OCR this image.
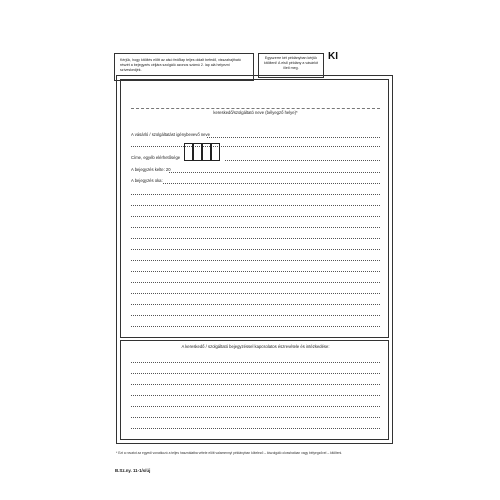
Kérjük, hogy kitöltés előtt az alsó fedőlap teljes oldalt befedő, visszahajtható részét a bejegyzés céljára szolgáló azonos számú 2. lap alá helyezni szíveskedjék.
Egyszerre két példányban kérjük kitölteni! A első példány a vásárlót illeti meg.
KI
kereskedő/szolgáltató neve (bélyegző helye)*
A vásárló / szolgáltatást igénybevevő neve
Címe, egyéb elérhetősége
A bejegyzés kelte: 20
A bejegyzés oka:
A kereskedő / szolgáltató bejegyzéssel kapcsolatos észrevétele és intézkedése:
* Ezt a rovatot az egyedi vonatkozó a teljes használatba vétele előtt valamennyi példányban kötelező – kiszolgáló olvashatóan vagy bélyegzővel – kitölteni.
B.Sz.ny. 11-1/s/új
